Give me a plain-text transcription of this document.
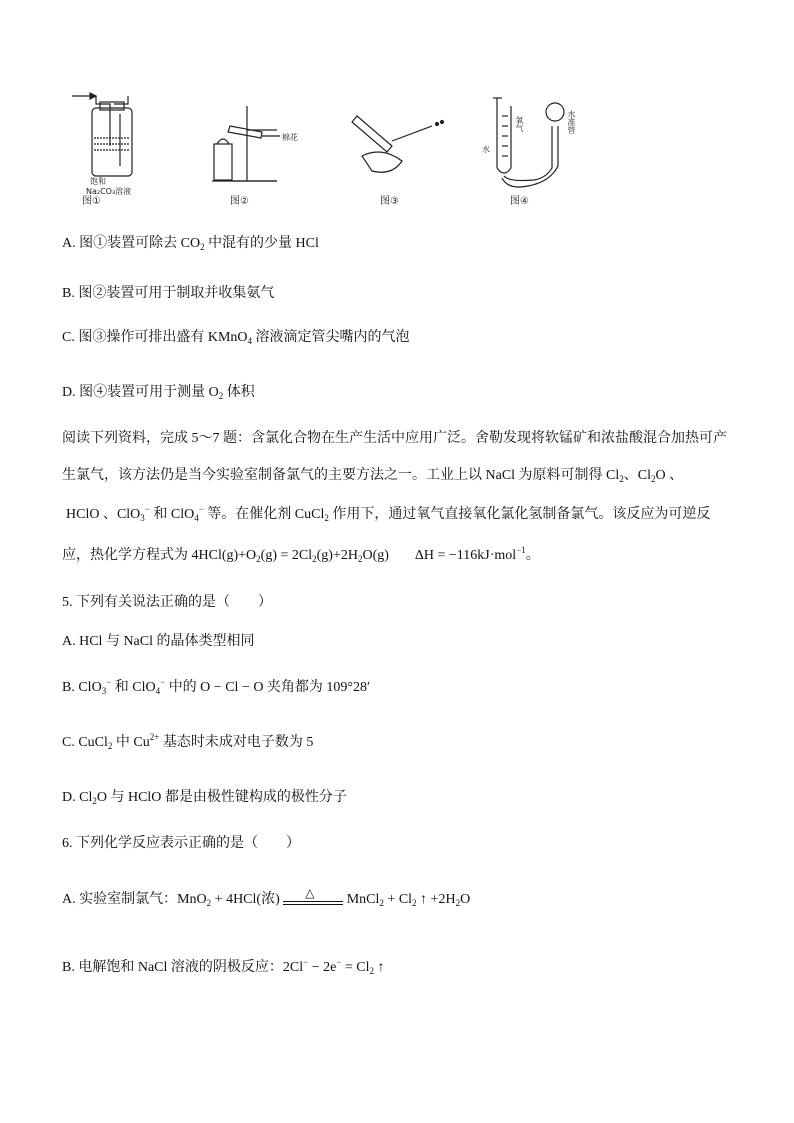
饱和
Na₂CO₃溶液
棉花
水
水准管
氧气
图①	图②	图③	图④
A. 图①装置可除去 $CO_2$ 中混有的少量 HCl
B. 图②装置可用于制取并收集氨气
C. 图③操作可排出盛有 KMnO$_4$ 溶液滴定管尖嘴内的气泡
D. 图④装置可用于测量 $O_2$ 体积
阅读下列资料，完成 5～7 题：含氯化合物在生产生活中应用广泛。舍勒发现将软锰矿和浓盐酸混合加热可产
生氯气，该方法仍是当今实验室制备氯气的主要方法之一。工业上以 NaCl 为原料可制得 $Cl_2$、$Cl_2O$ 、
HClO 、ClO$_3$− 和 ClO$_4$− 等。在催化剂 CuCl$_2$ 作用下，通过氧气直接氧化氯化氢制备氯气。该反应为可逆反
应，热化学方程式为 $4HCl(g)+O_2(g) = 2Cl_2(g)+2H_2O(g) \Delta H = -116kJ\cdot mol^{-1}$。
5. 下列有关说法正确的是（　　）
A. HCl 与 NaCl 的晶体类型相同
B. ClO$_3$− 和 ClO$_4$− 中的 O − Cl − O 夹角都为 109°28′
C. CuCl$_2$ 中 $Cu^{2+}$ 基态时未成对电子数为 5
D. $Cl_2O$ 与 HClO 都是由极性键构成的极性分子
6. 下列化学反应表示正确的是（　　）
A. 实验室制氯气：MnO$_2$ + 4HCl(浓) △ MnCl$_2$ + $Cl_2$ ↑ $+2H_2O$
B. 电解饱和 NaCl 溶液的阴极反应：$2Cl^- - 2e^- = Cl_2$ ↑
